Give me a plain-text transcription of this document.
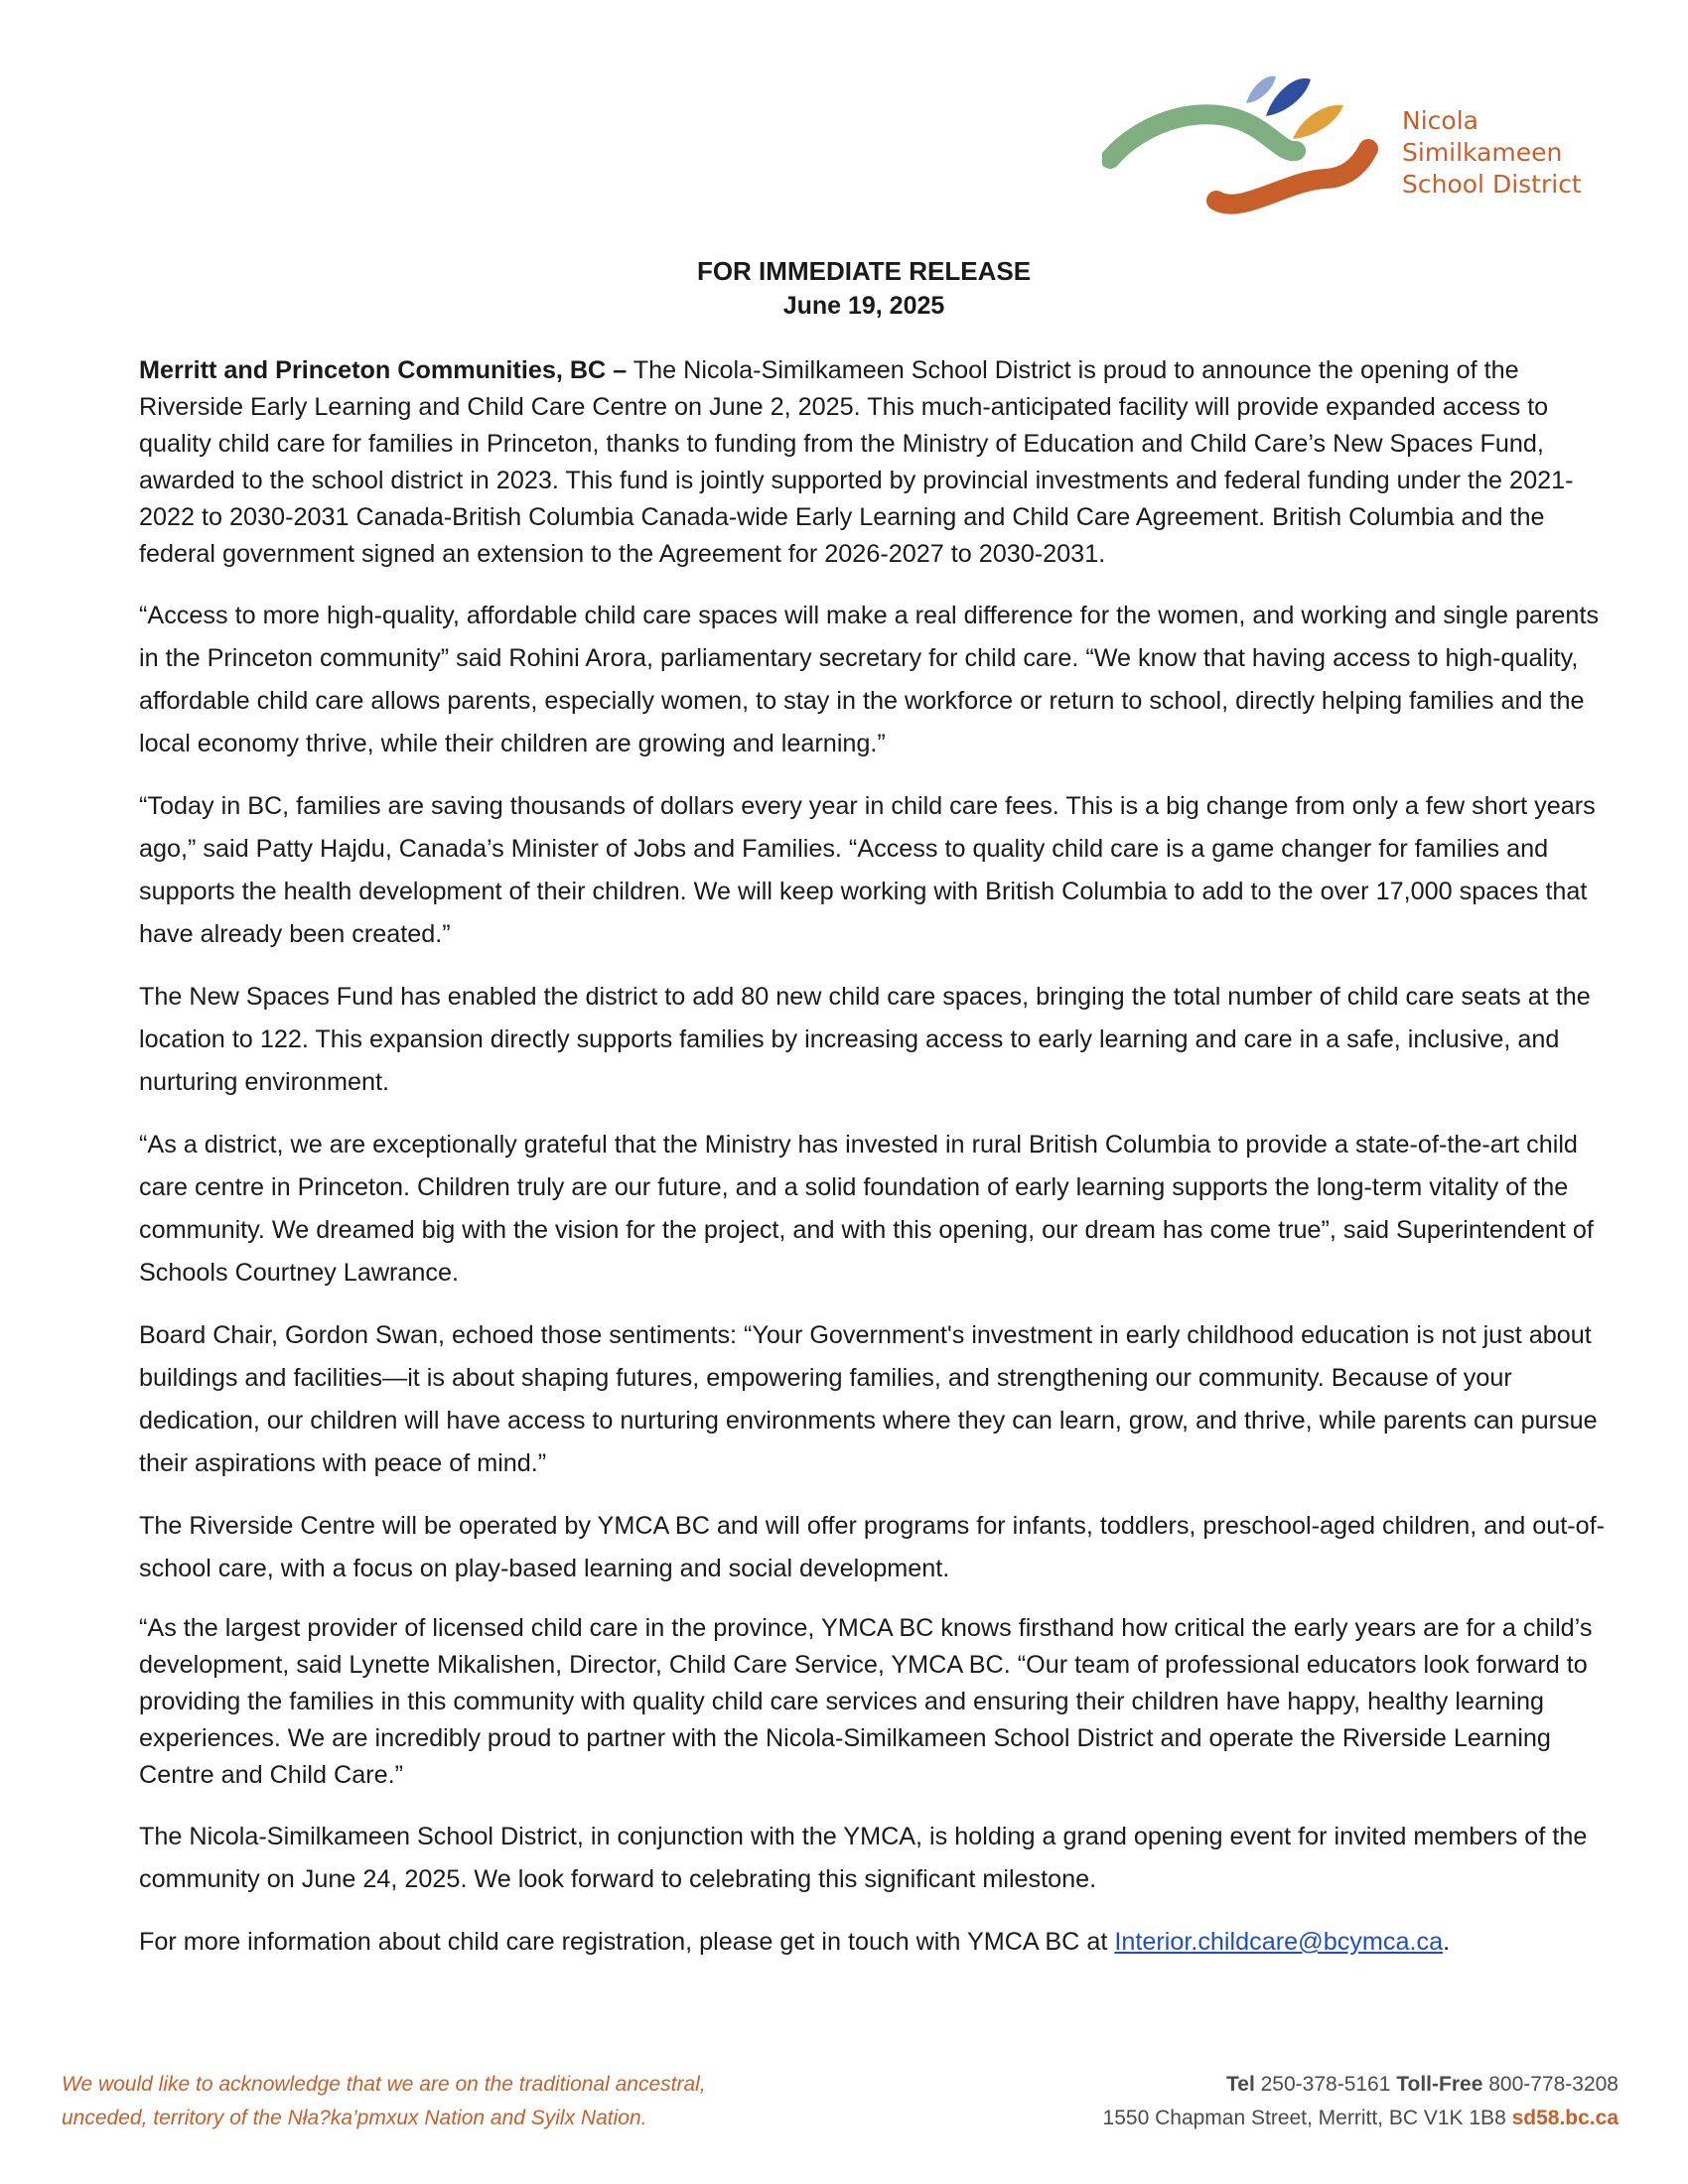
Nicola
Similkameen
School District
FOR IMMEDIATE RELEASE
June 19, 2025

Merritt and Princeton Communities, BC – The Nicola-Similkameen School District is proud to announce the opening of the Riverside Early Learning and Child Care Centre on June 2, 2025. This much-anticipated facility will provide expanded access to quality child care for families in Princeton, thanks to funding from the Ministry of Education and Child Care’s New Spaces Fund, awarded to the school district in 2023. This fund is jointly supported by provincial investments and federal funding under the 2021-2022 to 2030-2031 Canada-British Columbia Canada-wide Early Learning and Child Care Agreement. British Columbia and the federal government signed an extension to the Agreement for 2026-2027 to 2030-2031.

“Access to more high-quality, affordable child care spaces will make a real difference for the women, and working and single parents in the Princeton community” said Rohini Arora, parliamentary secretary for child care. “We know that having access to high-quality, affordable child care allows parents, especially women, to stay in the workforce or return to school, directly helping families and the local economy thrive, while their children are growing and learning.”

“Today in BC, families are saving thousands of dollars every year in child care fees. This is a big change from only a few short years ago,” said Patty Hajdu, Canada’s Minister of Jobs and Families. “Access to quality child care is a game changer for families and supports the health development of their children. We will keep working with British Columbia to add to the over 17,000 spaces that have already been created.”

The New Spaces Fund has enabled the district to add 80 new child care spaces, bringing the total number of child care seats at the location to 122. This expansion directly supports families by increasing access to early learning and care in a safe, inclusive, and nurturing environment.

“As a district, we are exceptionally grateful that the Ministry has invested in rural British Columbia to provide a state-of-the-art child care centre in Princeton. Children truly are our future, and a solid foundation of early learning supports the long-term vitality of the community. We dreamed big with the vision for the project, and with this opening, our dream has come true”, said Superintendent of Schools Courtney Lawrance.

Board Chair, Gordon Swan, echoed those sentiments: “Your Government's investment in early childhood education is not just about buildings and facilities—it is about shaping futures, empowering families, and strengthening our community. Because of your dedication, our children will have access to nurturing environments where they can learn, grow, and thrive, while parents can pursue their aspirations with peace of mind.”

The Riverside Centre will be operated by YMCA BC and will offer programs for infants, toddlers, preschool-aged children, and out-of-school care, with a focus on play-based learning and social development.

“As the largest provider of licensed child care in the province, YMCA BC knows firsthand how critical the early years are for a child’s development, said Lynette Mikalishen, Director, Child Care Service, YMCA BC. “Our team of professional educators look forward to providing the families in this community with quality child care services and ensuring their children have happy, healthy learning experiences. We are incredibly proud to partner with the Nicola-Similkameen School District and operate the Riverside Learning Centre and Child Care.”

The Nicola-Similkameen School District, in conjunction with the YMCA, is holding a grand opening event for invited members of the community on June 24, 2025. We look forward to celebrating this significant milestone.

For more information about child care registration, please get in touch with YMCA BC at Interior.childcare@bcymca.ca.

We would like to acknowledge that we are on the traditional ancestral,
unceded, territory of the Nła?ka’pmxux Nation and Syilx Nation.
Tel 250-378-5161 Toll-Free 800-778-3208
1550 Chapman Street, Merritt, BC V1K 1B8 sd58.bc.ca
